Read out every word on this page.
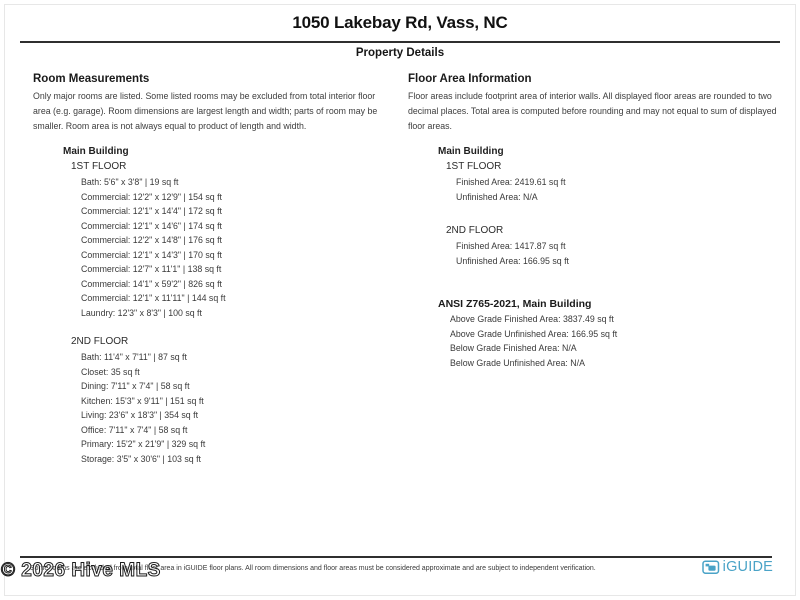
1050 Lakebay Rd, Vass, NC
Property Details
Room Measurements
Only major rooms are listed. Some listed rooms may be excluded from total interior floor area (e.g. garage). Room dimensions are largest length and width; parts of room may be smaller. Room area is not always equal to product of length and width.
Main Building
1ST FLOOR
Bath: 5'6" x 3'8" | 19 sq ft
Commercial: 12'2" x 12'9" | 154 sq ft
Commercial: 12'1" x 14'4" | 172 sq ft
Commercial: 12'1" x 14'6" | 174 sq ft
Commercial: 12'2" x 14'8" | 176 sq ft
Commercial: 12'1" x 14'3" | 170 sq ft
Commercial: 12'7" x 11'1" | 138 sq ft
Commercial: 14'1" x 59'2" | 826 sq ft
Commercial: 12'1" x 11'11" | 144 sq ft
Laundry: 12'3" x 8'3" | 100 sq ft
2ND FLOOR
Bath: 11'4" x 7'11" | 87 sq ft
Closet: 35 sq ft
Dining: 7'11" x 7'4" | 58 sq ft
Kitchen: 15'3" x 9'11" | 151 sq ft
Living: 23'6" x 18'3" | 354 sq ft
Office: 7'11" x 7'4" | 58 sq ft
Primary: 15'2" x 21'9" | 329 sq ft
Storage: 3'5" x 30'6" | 103 sq ft
Floor Area Information
Floor areas include footprint area of interior walls. All displayed floor areas are rounded to two decimal places. Total area is computed before rounding and may not equal to sum of displayed floor areas.
Main Building
1ST FLOOR
Finished Area: 2419.61 sq ft
Unfinished Area: N/A
2ND FLOOR
Finished Area: 1417.87 sq ft
Unfinished Area: 166.95 sq ft
ANSI Z765-2021, Main Building
Above Grade Finished Area: 3837.49 sq ft
Above Grade Unfinished Area: 166.95 sq ft
Below Grade Finished Area: N/A
Below Grade Unfinished Area: N/A
Some rooms are excluded from total floor area in iGUIDE floor plans. All room dimensions and floor areas must be considered approximate and are subject to independent verification.	iGUIDE
© 2026 Hive MLS
